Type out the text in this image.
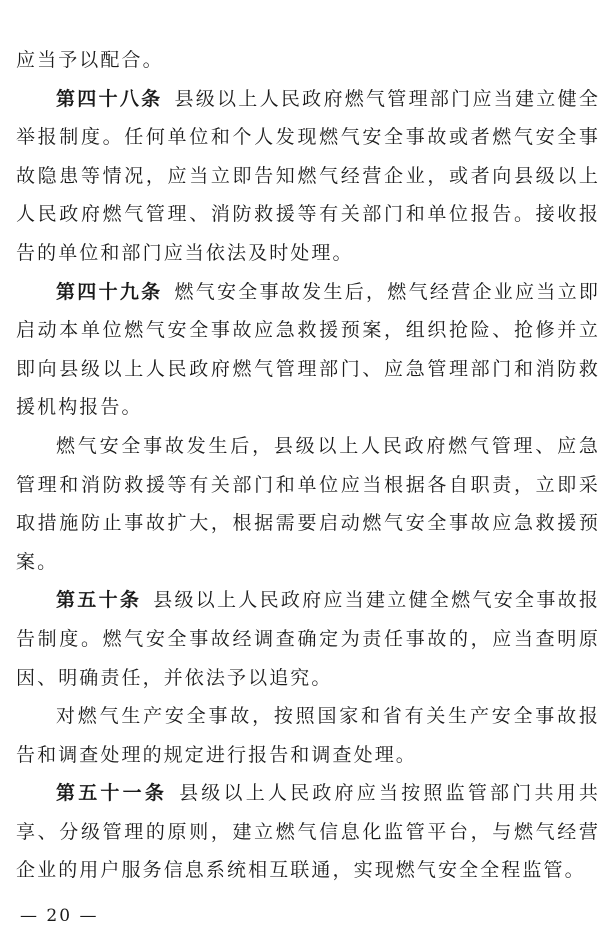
应当予以配合。

第四十八条 县级以上人民政府燃气管理部门应当建立健全举报制度。任何单位和个人发现燃气安全事故或者燃气安全事故隐患等情况，应当立即告知燃气经营企业，或者向县级以上人民政府燃气管理、消防救援等有关部门和单位报告。接收报告的单位和部门应当依法及时处理。

第四十九条 燃气安全事故发生后，燃气经营企业应当立即启动本单位燃气安全事故应急救援预案，组织抢险、抢修并立即向县级以上人民政府燃气管理部门、应急管理部门和消防救援机构报告。

燃气安全事故发生后，县级以上人民政府燃气管理、应急管理和消防救援等有关部门和单位应当根据各自职责，立即采取措施防止事故扩大，根据需要启动燃气安全事故应急救援预案。

第五十条 县级以上人民政府应当建立健全燃气安全事故报告制度。燃气安全事故经调查确定为责任事故的，应当查明原因、明确责任，并依法予以追究。

对燃气生产安全事故，按照国家和省有关生产安全事故报告和调查处理的规定进行报告和调查处理。

第五十一条 县级以上人民政府应当按照监管部门共用共享、分级管理的原则，建立燃气信息化监管平台，与燃气经营企业的用户服务信息系统相互联通，实现燃气安全全程监管。

— 20 —
